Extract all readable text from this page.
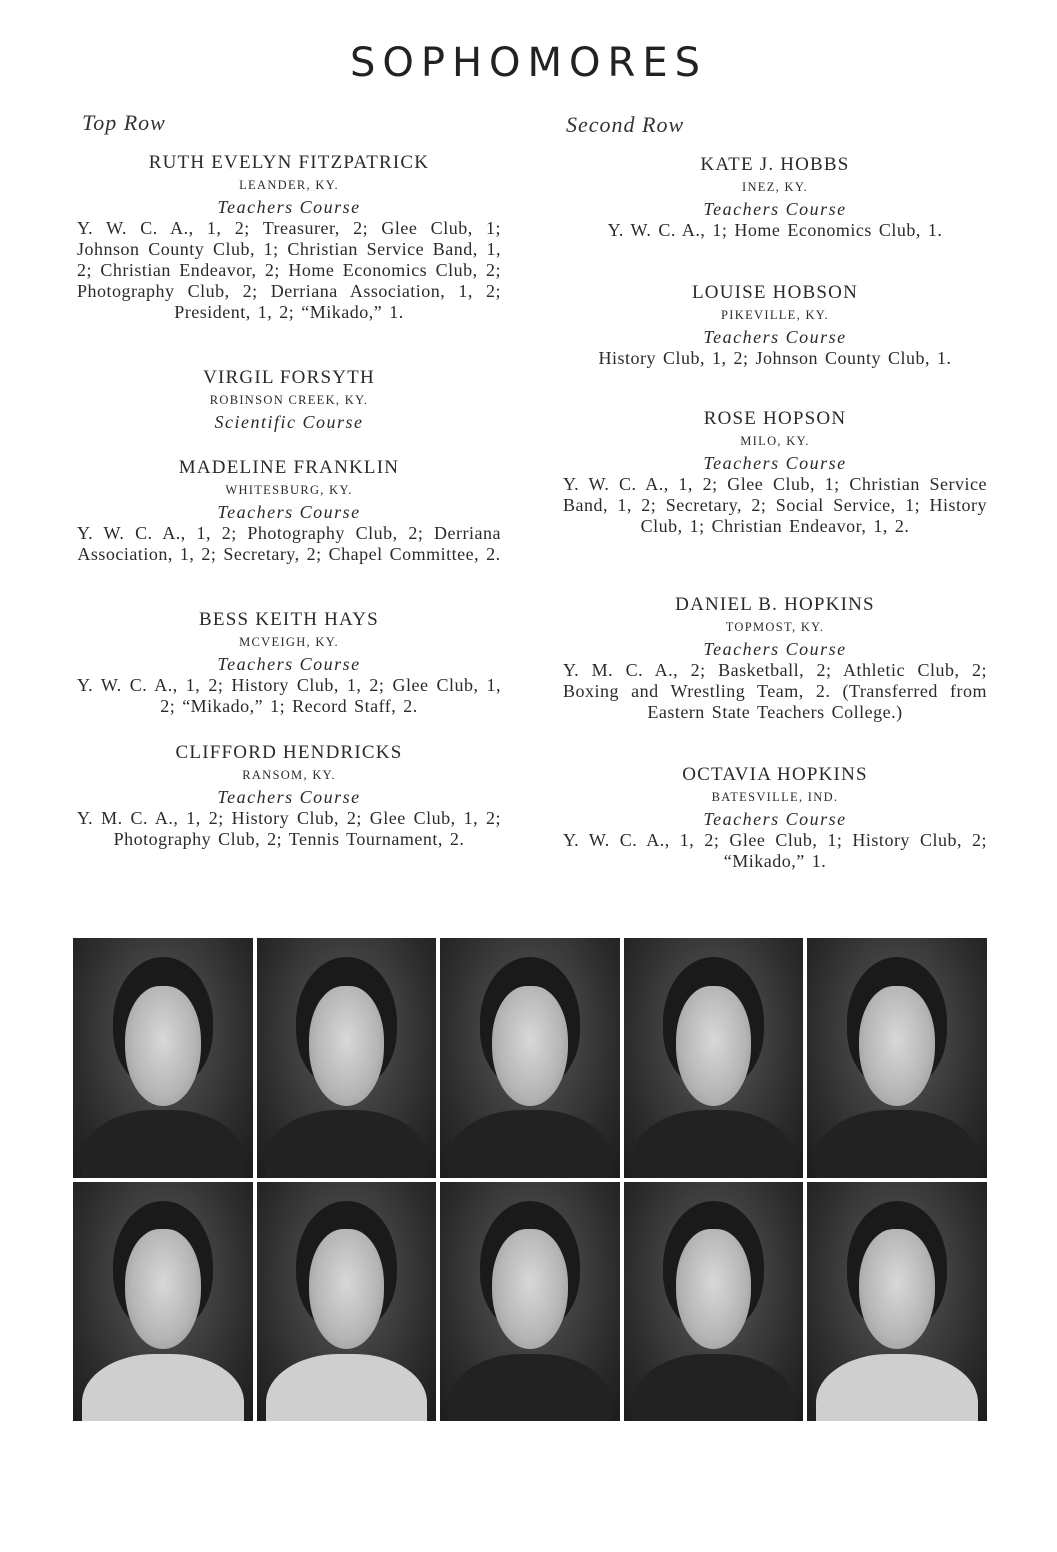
SOPHOMORES
Top Row	Second Row
RUTH EVELYN FITZPATRICK
LEANDER, KY.
Teachers Course
Y. W. C. A., 1, 2; Treasurer, 2; Glee Club, 1; Johnson County Club, 1; Christian Service Band, 1, 2; Christian Endeavor, 2; Home Economics Club, 2; Photography Club, 2; Derriana Association, 1, 2; President, 1, 2; “Mikado,” 1.
VIRGIL FORSYTH
ROBINSON CREEK, KY.
Scientific Course
MADELINE FRANKLIN
WHITESBURG, KY.
Teachers Course
Y. W. C. A., 1, 2; Photography Club, 2; Derriana Association, 1, 2; Secretary, 2; Chapel Committee, 2.
BESS KEITH HAYS
MCVEIGH, KY.
Teachers Course
Y. W. C. A., 1, 2; History Club, 1, 2; Glee Club, 1, 2; “Mikado,” 1; Record Staff, 2.
CLIFFORD HENDRICKS
RANSOM, KY.
Teachers Course
Y. M. C. A., 1, 2; History Club, 2; Glee Club, 1, 2; Photography Club, 2; Tennis Tournament, 2.
KATE J. HOBBS
INEZ, KY.
Teachers Course
Y. W. C. A., 1; Home Economics Club, 1.
LOUISE HOBSON
PIKEVILLE, KY.
Teachers Course
History Club, 1, 2; Johnson County Club, 1.
ROSE HOPSON
MILO, KY.
Teachers Course
Y. W. C. A., 1, 2; Glee Club, 1; Christian Service Band, 1, 2; Secretary, 2; Social Service, 1; History Club, 1; Christian Endeavor, 1, 2.
DANIEL B. HOPKINS
TOPMOST, KY.
Teachers Course
Y. M. C. A., 2; Basketball, 2; Athletic Club, 2; Boxing and Wrestling Team, 2. (Transferred from Eastern State Teachers College.)
OCTAVIA HOPKINS
BATESVILLE, IND.
Teachers Course
Y. W. C. A., 1, 2; Glee Club, 1; History Club, 2; “Mikado,” 1.
